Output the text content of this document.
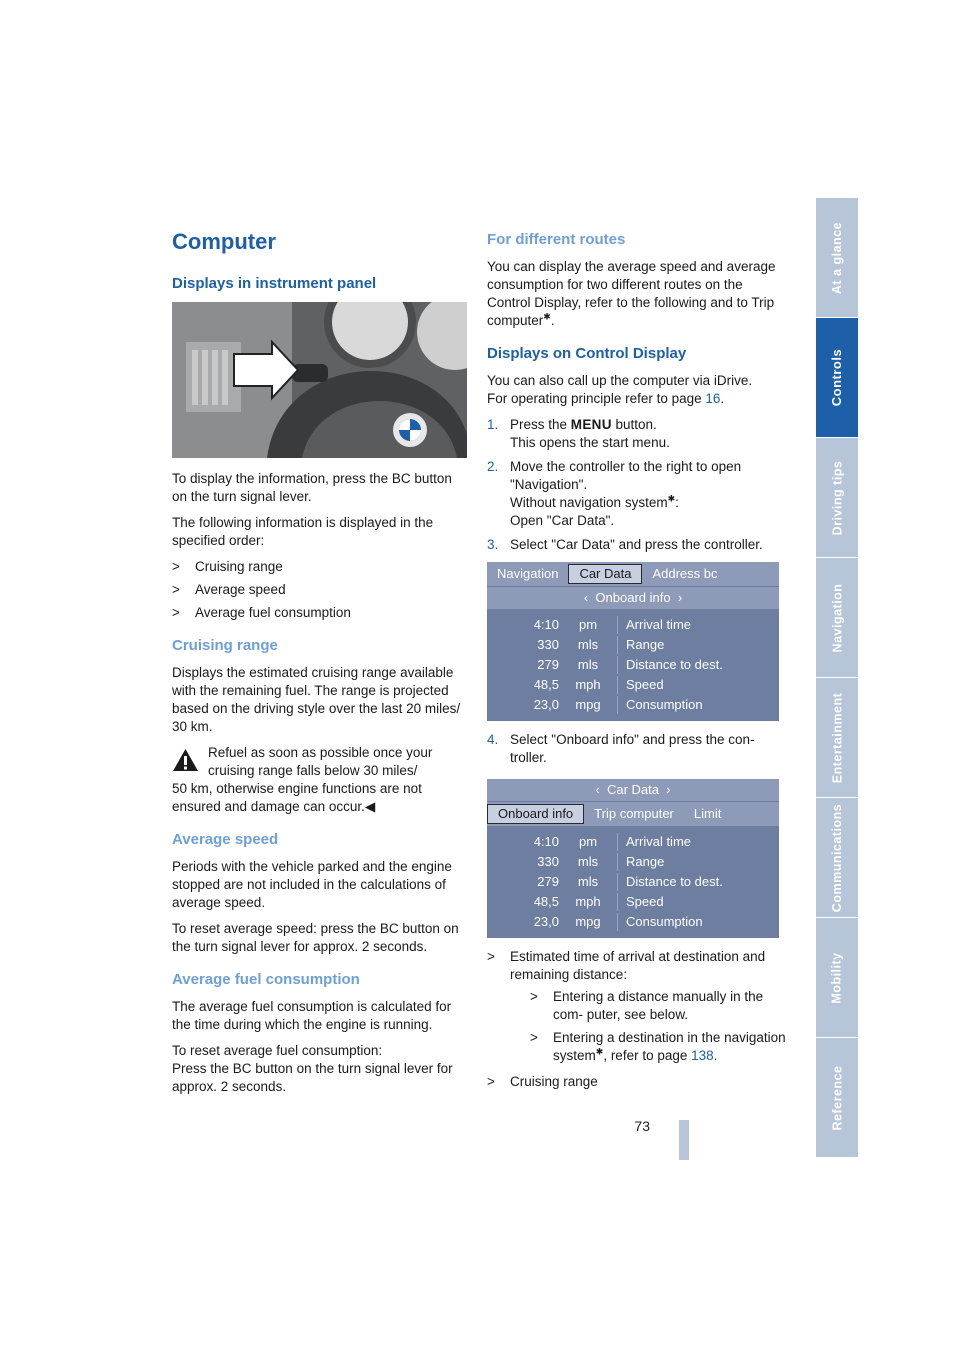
At a glance
Controls
Driving tips
Navigation
Entertainment
Communications
Mobility
Reference
73
Computer
Displays in instrument panel

To display the information, press the BC button on the turn signal lever.

The following information is displayed in the specified order:

> Cruising range
> Average speed
> Average fuel consumption
Cruising range

Displays the estimated cruising range available with the remaining fuel. The range is projected based on the driving style over the last 20 miles/ 30 km.

Refuel as soon as possible once your cruising range falls below 30 miles/

50 km, otherwise engine functions are not ensured and damage can occur.◀

Average speed

Periods with the vehicle parked and the engine stopped are not included in the calculations of average speed.

To reset average speed: press the BC button on the turn signal lever for approx. 2 seconds.

Average fuel consumption

The average fuel consumption is calculated for the time during which the engine is running.

To reset average fuel consumption:
Press the BC button on the turn signal lever for approx. 2 seconds.

For different routes

You can display the average speed and average consumption for two different routes on the Control Display, refer to the following and to Trip computer✱.

Displays on Control Display

You can also call up the computer via iDrive.
For operating principle refer to page 16.

1. Press the MENU button.
This opens the start menu.
2. Move the controller to the right to open "Navigation".
Without navigation system✱:
Open "Car Data".
3. Select "Car Data" and press the controller.
Navigation	Car Data	Address bc
‹
Onboard info
›
4:10	pm	Arrival time
330	mls	Range
279	mls	Distance to dest.
48,5	mph	Speed
23,0	mpg	Consumption
4. Select "Onboard info" and press the con- troller.
‹
Car Data
›
Onboard info	Trip computer	Limit
4:10	pm	Arrival time
330	mls	Range
279	mls	Distance to dest.
48,5	mph	Speed
23,0	mpg	Consumption
> Estimated time of arrival at destination and remaining distance:
> Entering a distance manually in the com- puter, see below.
> Entering a destination in the navigation system✱, refer to page 138.
> Cruising range
